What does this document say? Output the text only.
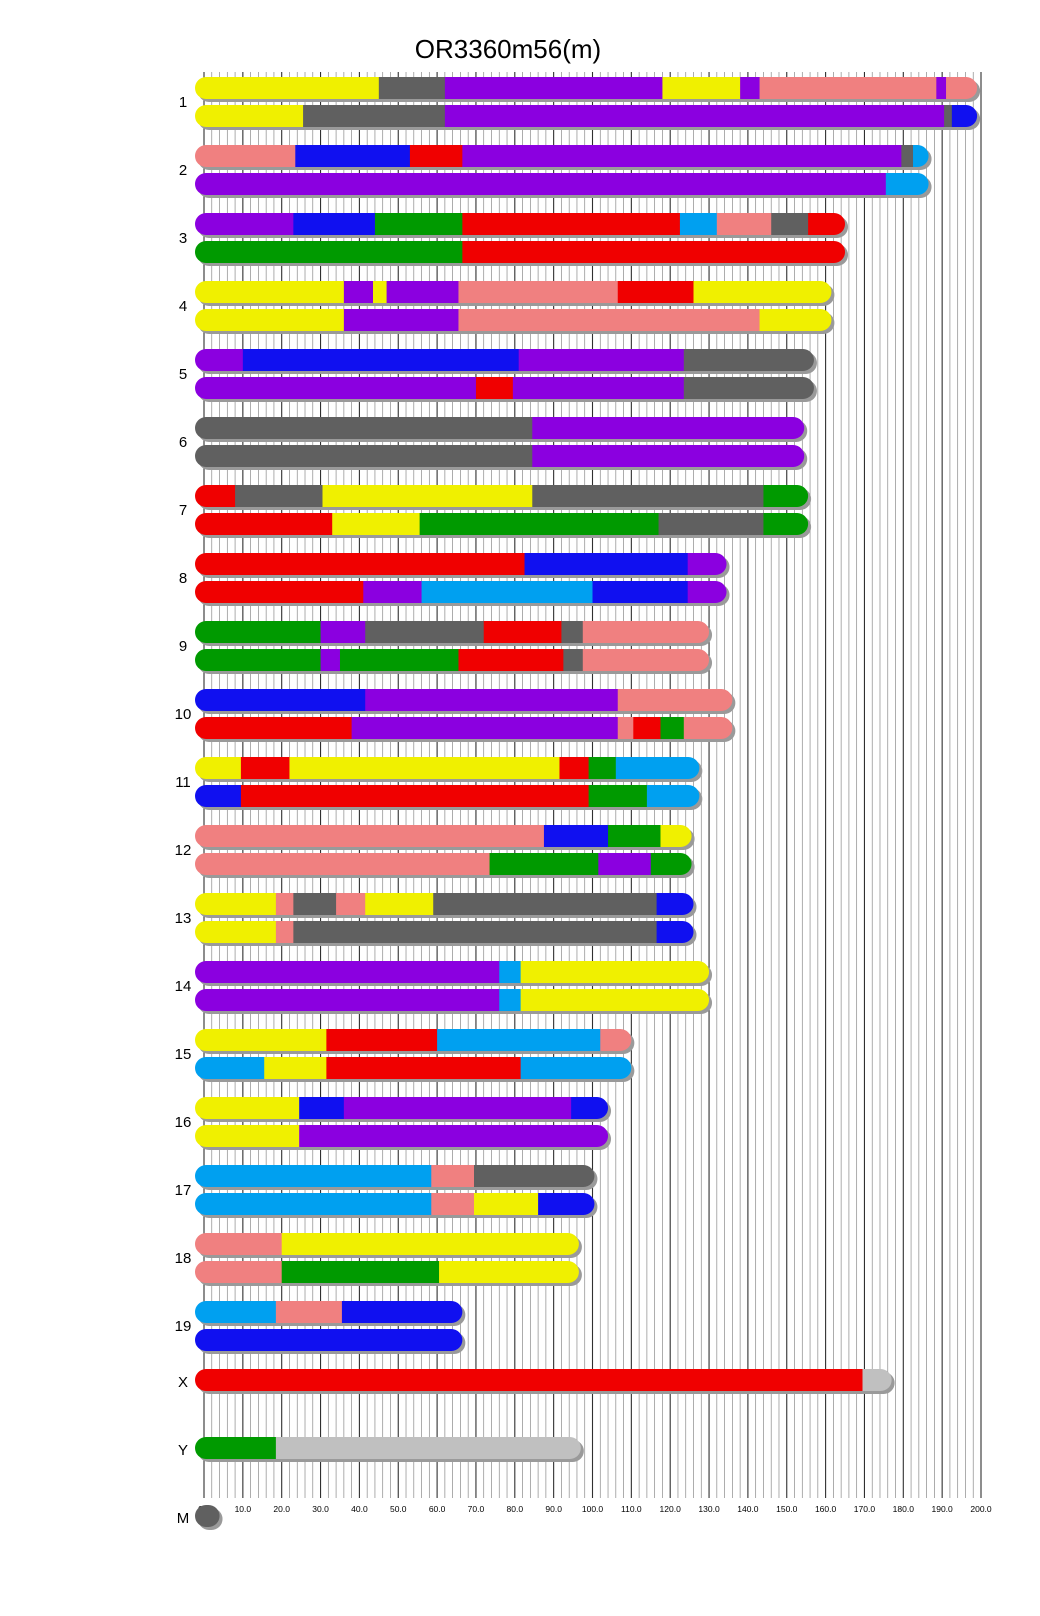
OR3360m56(m)
10.0	20.0	30.0	40.0	50.0	60.0	70.0	80.0	90.0 100.0 110.0 120.0 130.0 140.0 150.0 160.0 170.0 180.0 190.0 200.0
1
2
3
4
5
6
7
8
9
10
11
12
13
14
15
16
17
18
19
X
Y
M
